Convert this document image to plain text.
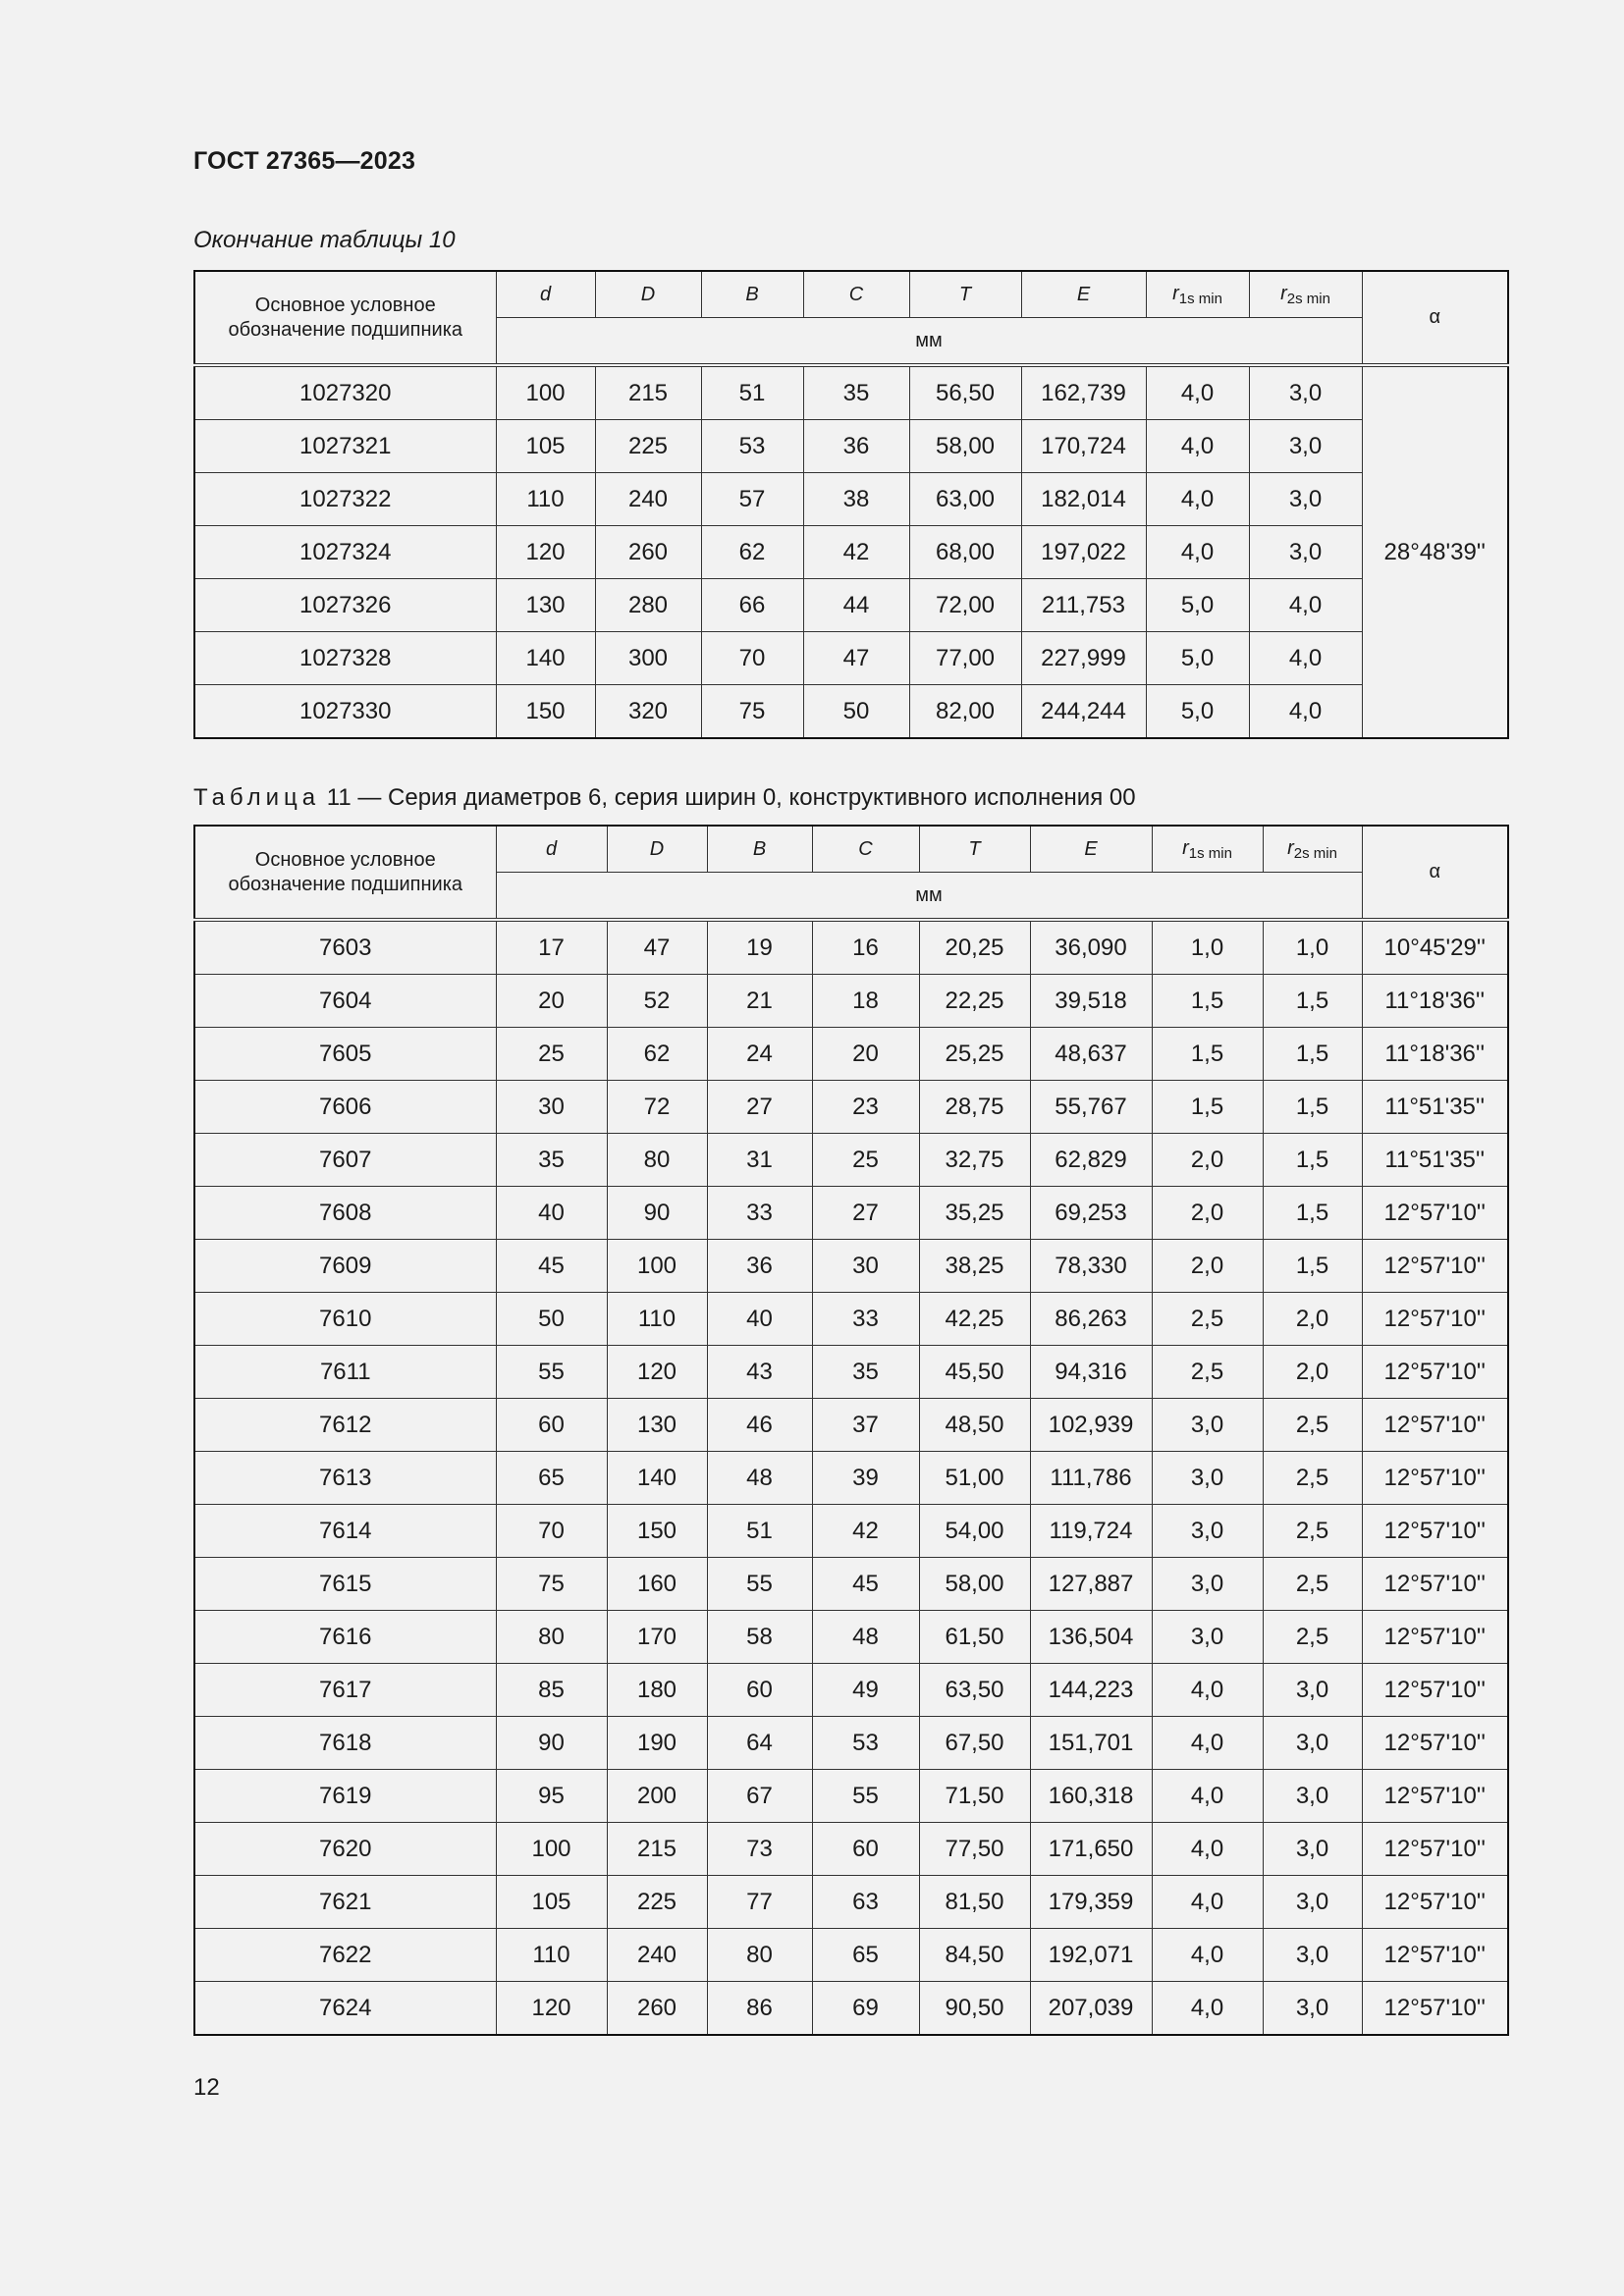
ГОСТ 27365—2023
Окончание таблицы 10
Основное условное обозначение подшипника	d	D	B	C	T	E	$r_{1s min}$	$r_{2s min}$	α
	мм								
1027320	100	215	51	35	56,50	162,739	4,0	3,0	28°48'39''
1027321	105	225	53	36	58,00	170,724	4,0	3,0	
1027322	110	240	57	38	63,00	182,014	4,0	3,0	
1027324	120	260	62	42	68,00	197,022	4,0	3,0	
1027326	130	280	66	44	72,00	211,753	5,0	4,0	
1027328	140	300	70	47	77,00	227,999	5,0	4,0	
1027330	150	320	75	50	82,00	244,244	5,0	4,0	
Таблица 11 — Серия диаметров 6, серия ширин 0, конструктивного исполнения 00
Основное условное обозначение подшипника	d	D	B	C	T	E	$r_{1s min}$	$r_{2s min}$	α
	мм								
7603	17	47	19	16	20,25	36,090	1,0	1,0	10°45'29''
7604	20	52	21	18	22,25	39,518	1,5	1,5	11°18'36''
7605	25	62	24	20	25,25	48,637	1,5	1,5	11°18'36''
7606	30	72	27	23	28,75	55,767	1,5	1,5	11°51'35''
7607	35	80	31	25	32,75	62,829	2,0	1,5	11°51'35''
7608	40	90	33	27	35,25	69,253	2,0	1,5	12°57'10''
7609	45	100	36	30	38,25	78,330	2,0	1,5	12°57'10''
7610	50	110	40	33	42,25	86,263	2,5	2,0	12°57'10''
7611	55	120	43	35	45,50	94,316	2,5	2,0	12°57'10''
7612	60	130	46	37	48,50	102,939	3,0	2,5	12°57'10''
7613	65	140	48	39	51,00	111,786	3,0	2,5	12°57'10''
7614	70	150	51	42	54,00	119,724	3,0	2,5	12°57'10''
7615	75	160	55	45	58,00	127,887	3,0	2,5	12°57'10''
7616	80	170	58	48	61,50	136,504	3,0	2,5	12°57'10''
7617	85	180	60	49	63,50	144,223	4,0	3,0	12°57'10''
7618	90	190	64	53	67,50	151,701	4,0	3,0	12°57'10''
7619	95	200	67	55	71,50	160,318	4,0	3,0	12°57'10''
7620	100	215	73	60	77,50	171,650	4,0	3,0	12°57'10''
7621	105	225	77	63	81,50	179,359	4,0	3,0	12°57'10''
7622	110	240	80	65	84,50	192,071	4,0	3,0	12°57'10''
7624	120	260	86	69	90,50	207,039	4,0	3,0	12°57'10''
12
